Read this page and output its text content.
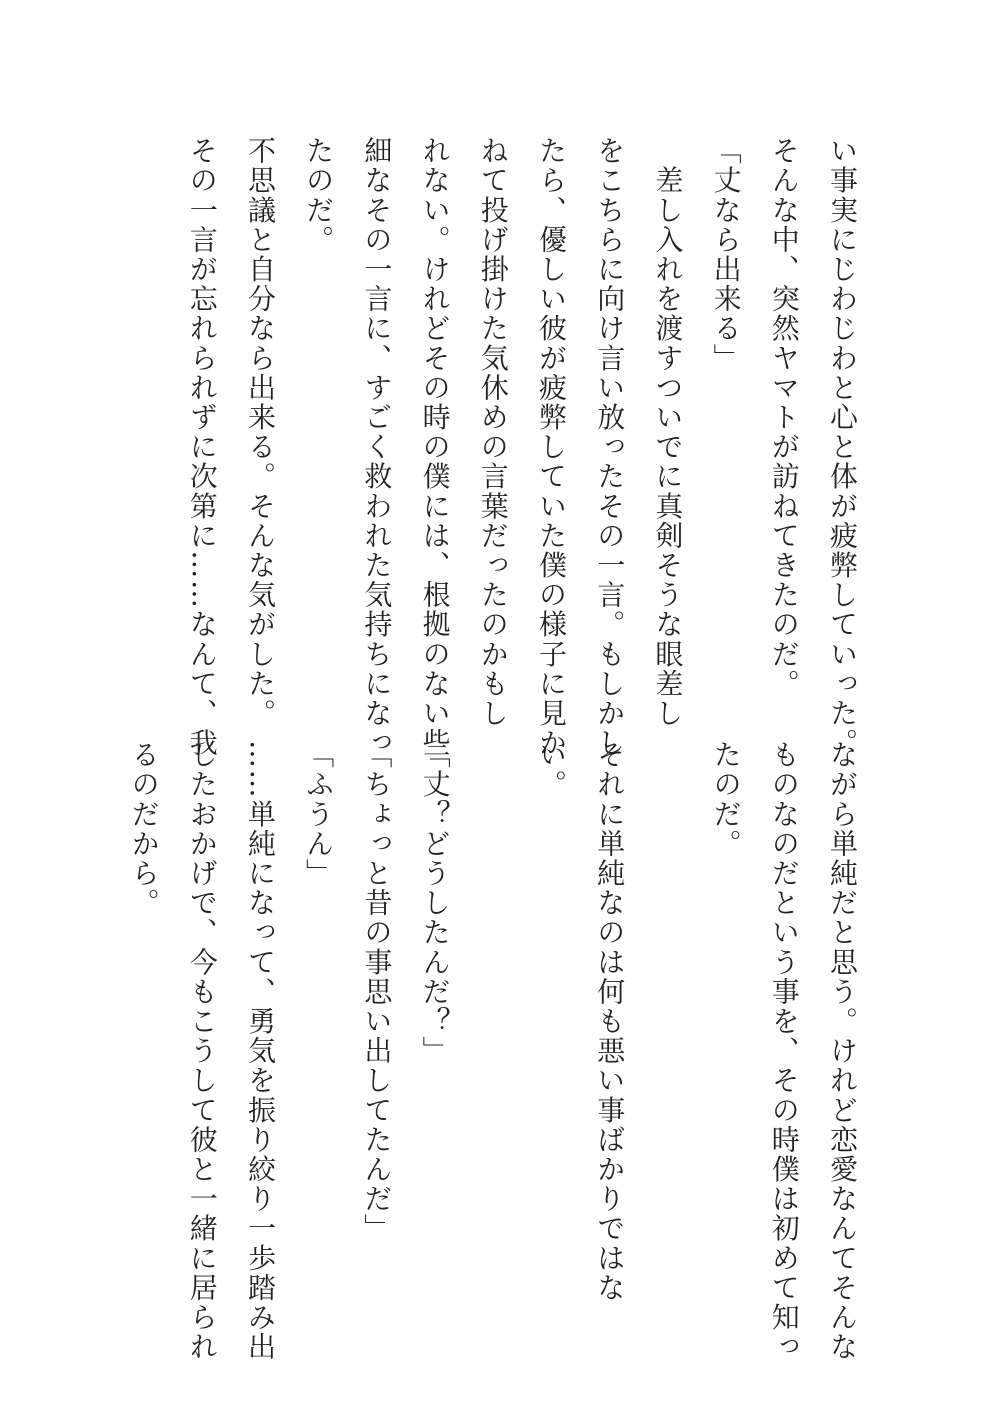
い事実にじわじわと心と体が疲弊していった。
そんな中、突然ヤマトが訪ねてきたのだ。
「丈なら出来る」
　差し入れを渡すついでに真剣そうな眼差し
をこちらに向け言い放ったその一言。もしかし
たら、優しい彼が疲弊していた僕の様子に見か
ねて投げ掛けた気休めの言葉だったのかもし
れない。けれどその時の僕には、根拠のない些
細なその一言に、すごく救われた気持ちになっ
たのだ。
不思議と自分なら出来る。そんな気がした。
その一言が忘れられずに次第に……なんて、我
ながら単純だと思う。けれど恋愛なんてそんな
ものなのだという事を、その時僕は初めて知っ
たのだ。

それに単純なのは何も悪い事ばかりではな
い。

「丈？どうしたんだ？」
「ちょっと昔の事思い出してたんだ」
「ふうん」
……単純になって、勇気を振り絞り一歩踏み出
したおかげで、今もこうして彼と一緒に居られ
るのだから。
